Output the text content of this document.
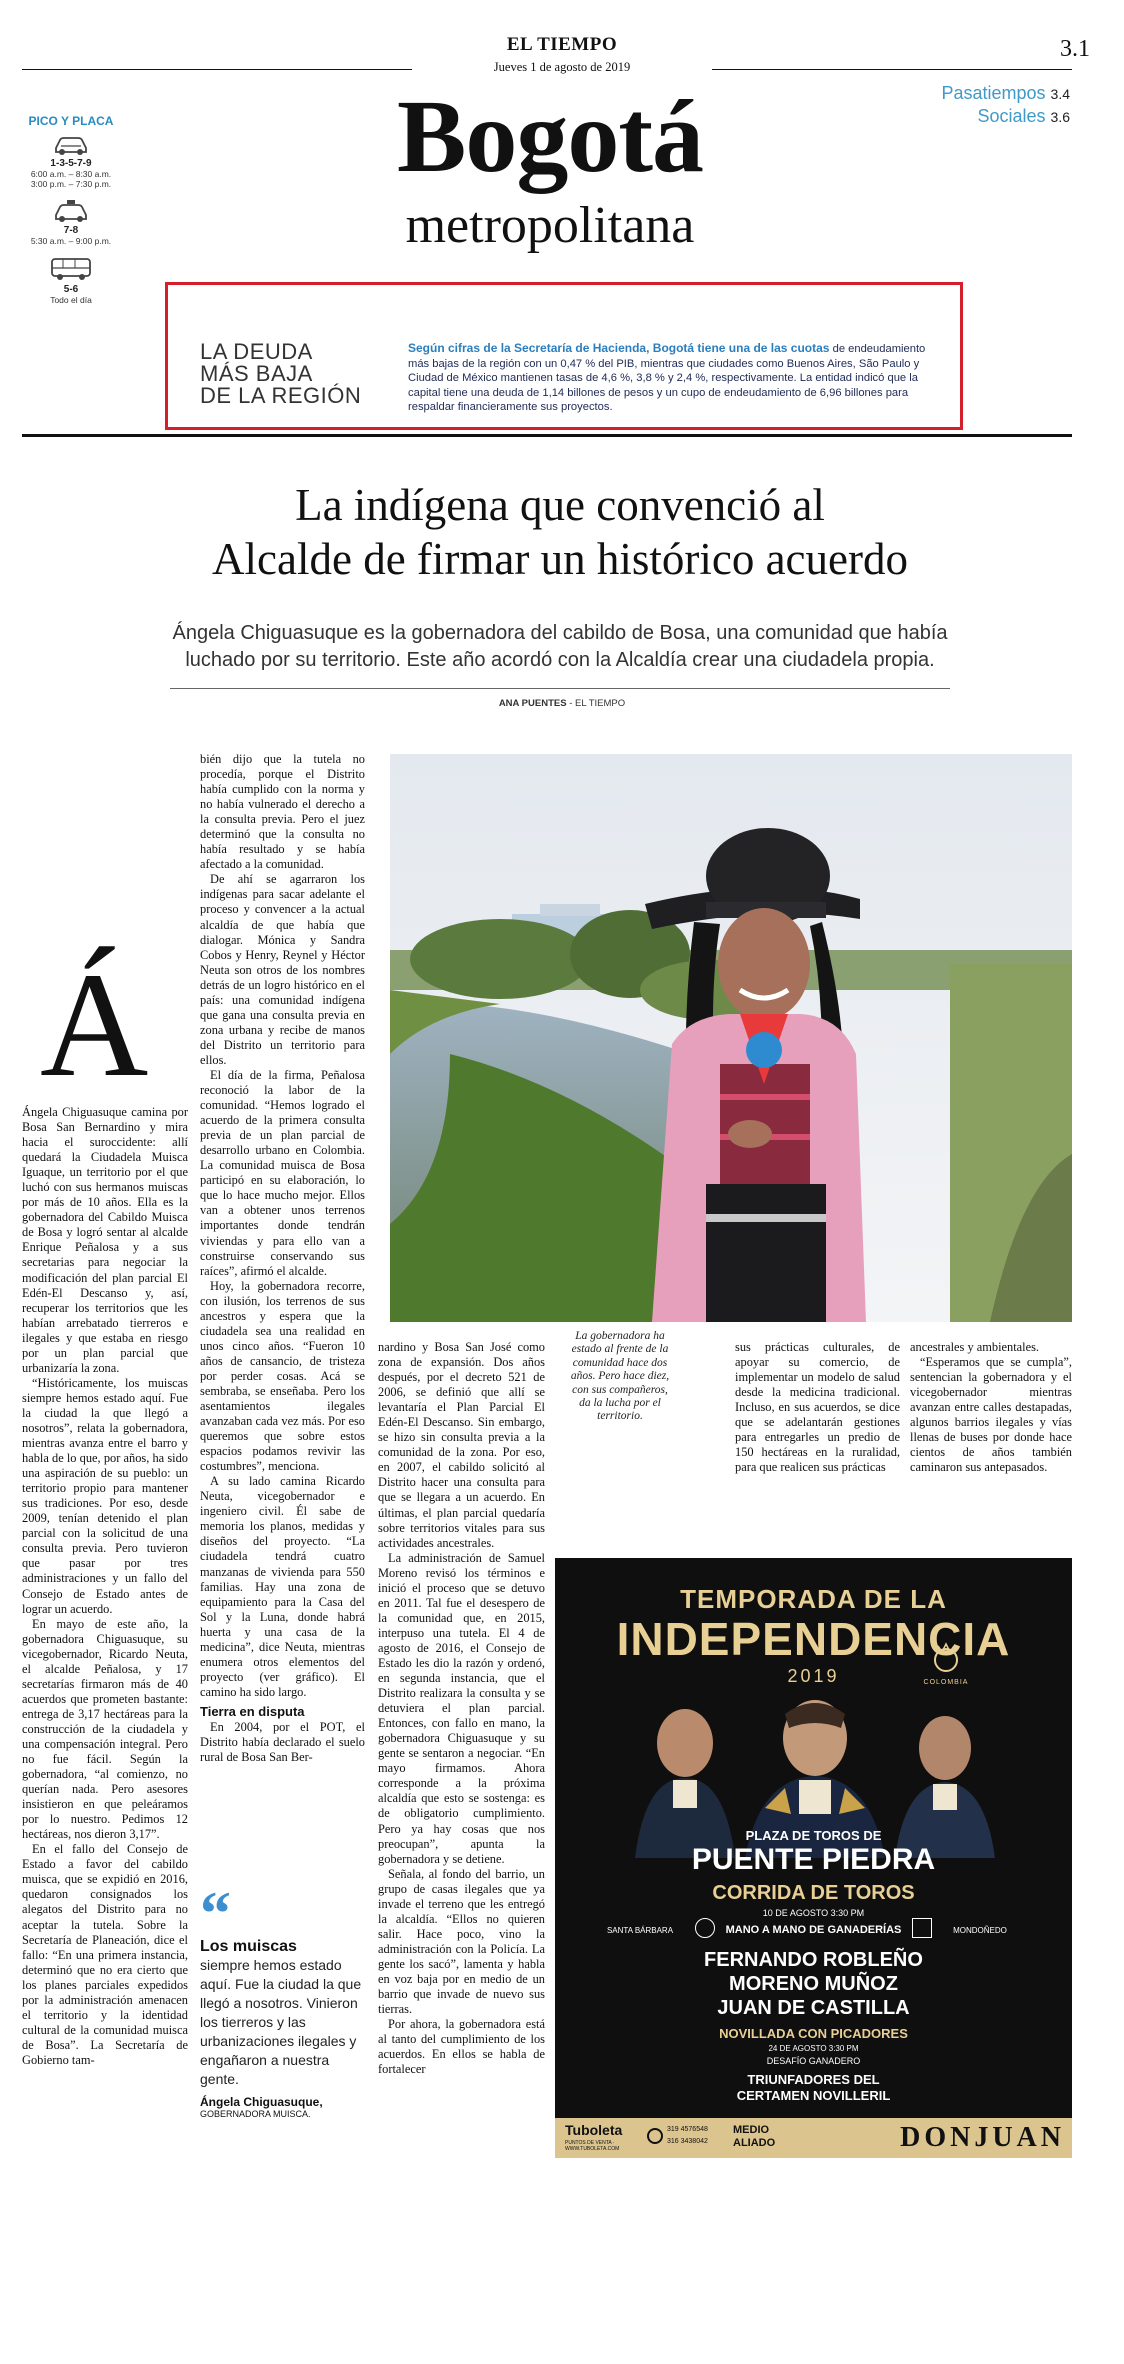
EL TIEMPO
Jueves 1 de agosto de 2019
3.1
PICO Y PLACA
1-3-5-7-9
6:00 a.m. – 8:30 a.m.
3:00 p.m. – 7:30 p.m.
7-8
5:30 a.m. – 9:00 p.m.
5-6
Todo el día
Bogotá
metropolitana
Pasatiempos 3.4
Sociales 3.6
LA DEUDA
MÁS BAJA
DE LA REGIÓN
Según cifras de la Secretaría de Hacienda, Bogotá tiene una de las cuotas de endeudamiento más bajas de la región con un 0,47 % del PIB, mientras que ciudades como Buenos Aires, São Paulo y Ciudad de México mantienen tasas de 4,6 %, 3,8 % y 2,4 %, respectivamente. La entidad indicó que la capital tiene una deuda de 1,14 billones de pesos y un cupo de endeudamiento de 6,96 billones para respaldar financieramente sus proyectos.
La indígena que convenció al
Alcalde de firmar un histórico acuerdo
Ángela Chiguasuque es la gobernadora del cabildo de Bosa, una comunidad que había
luchado por su territorio. Este año acordó con la Alcaldía crear una ciudadela propia.
ANA PUENTES - EL TIEMPO
Á

Ángela Chiguasuque camina por Bosa San Bernardino y mira hacia el suroccidente: allí quedará la Ciudadela Muisca Iguaque, un territorio por el que luchó con sus hermanos muiscas por más de 10 años. Ella es la gobernadora del Cabildo Muisca de Bosa y logró sentar al alcalde Enrique Peñalosa y a sus secretarias para negociar la modificación del plan parcial El Edén-El Descanso y, así, recuperar los territorios que les habían arrebatado tierreros e ilegales y que estaba en riesgo por un plan parcial que urbanizaría la zona.

“Históricamente, los muiscas siempre hemos estado aquí. Fue la ciudad la que llegó a nosotros”, relata la gobernadora, mientras avanza entre el barro y habla de lo que, por años, ha sido una aspiración de su pueblo: un territorio propio para mantener sus tradiciones. Por eso, desde 2009, tenían detenido el plan parcial con la solicitud de una consulta previa. Pero tuvieron que pasar por tres administraciones y un fallo del Consejo de Estado antes de lograr un acuerdo.

En mayo de este año, la gobernadora Chiguasuque, su vicegobernador, Ricardo Neuta, el alcalde Peñalosa, y 17 secretarías firmaron más de 40 acuerdos que prometen bastante: entrega de 3,17 hectáreas para la construcción de la ciudadela y una compensación integral. Pero no fue fácil. Según la gobernadora, “al comienzo, no querían nada. Pero asesores insistieron en que peleáramos por lo nuestro. Pedimos 12 hectáreas, nos dieron 3,17”.

En el fallo del Consejo de Estado a favor del cabildo muisca, que se expidió en 2016, quedaron consignados los alegatos del Distrito para no aceptar la tutela. Sobre la Secretaría de Planeación, dice el fallo: “En una primera instancia, determinó que no era cierto que los planes parciales expedidos por la administración amenacen el territorio y la identidad cultural de la comunidad muisca de Bosa”. La Secretaría de Gobierno tam-

bién dijo que la tutela no procedía, porque el Distrito había cumplido con la norma y no había vulnerado el derecho a la consulta previa. Pero el juez determinó que la consulta no había resultado y se había afectado a la comunidad.

De ahí se agarraron los indígenas para sacar adelante el proceso y convencer a la actual alcaldía de que había que dialogar. Mónica y Sandra Cobos y Henry, Reynel y Héctor Neuta son otros de los nombres detrás de un logro histórico en el país: una comunidad indígena que gana una consulta previa en zona urbana y recibe de manos del Distrito un territorio para ellos.

El día de la firma, Peñalosa reconoció la labor de la comunidad. “Hemos logrado el acuerdo de la primera consulta previa de un plan parcial de desarrollo urbano en Colombia. La comunidad muisca de Bosa participó en su elaboración, lo que lo hace mucho mejor. Ellos van a obtener unos terrenos importantes donde tendrán viviendas y para ello van a construirse conservando sus raíces”, afirmó el alcalde.

Hoy, la gobernadora recorre, con ilusión, los terrenos de sus ancestros y espera que la ciudadela sea una realidad en unos cinco años. “Fueron 10 años de cansancio, de tristeza por perder cosas. Acá se sembraba, se enseñaba. Pero los asentamientos ilegales avanzaban cada vez más. Por eso queremos que sobre estos espacios podamos revivir las costumbres”, menciona.

A su lado camina Ricardo Neuta, vicegobernador e ingeniero civil. Él sabe de memoria los planos, medidas y diseños del proyecto. “La ciudadela tendrá cuatro manzanas de vivienda para 550 familias. Hay una zona de equipamiento para la Casa del Sol y la Luna, donde habrá huerta y una casa de la medicina”, dice Neuta, mientras enumera otros elementos del proyecto (ver gráfico). El camino ha sido largo.

Tierra en disputa

En 2004, por el POT, el Distrito había declarado el suelo rural de Bosa San Ber-

“
Los muiscas
siempre hemos estado aquí. Fue la ciudad la que llegó a nosotros. Vinieron los tierreros y las urbanizaciones ilegales y engañaron a nuestra gente.
Ángela Chiguasuque,
GOBERNADORA MUISCA.
La gobernadora ha estado al frente de la comunidad hace dos años. Pero hace diez, con sus compañeros, da la lucha por el territorio.

nardino y Bosa San José como zona de expansión. Dos años después, por el decreto 521 de 2006, se definió que allí se levantaría el Plan Parcial El Edén-El Descanso. Sin embargo, se hizo sin consulta previa a la comunidad de la zona. Por eso, en 2007, el cabildo solicitó al Distrito hacer una consulta para que se llegara a un acuerdo. En últimas, el plan parcial quedaría sobre territorios vitales para sus actividades ancestrales.

La administración de Samuel Moreno revisó los términos e inició el proceso que se detuvo en 2011. Tal fue el desespero de la comunidad que, en 2015, interpuso una tutela. El 4 de agosto de 2016, el Consejo de Estado les dio la razón y ordenó, en segunda instancia, que el Distrito realizara la consulta y se detuviera el plan parcial. Entonces, con fallo en mano, la gobernadora Chiguasuque y su gente se sentaron a negociar. “En mayo firmamos. Ahora corresponde a la próxima alcaldía que esto se sostenga: es de obligatorio cumplimiento. Pero ya hay cosas que nos preocupan”, apunta la gobernadora y se detiene.

Señala, al fondo del barrio, un grupo de casas ilegales que ya invade el terreno que les entregó la alcaldía. “Ellos no quieren salir. Hace poco, vino la administración con la Policía. La gente los sacó”, lamenta y habla en voz baja por en medio de un barrio que invade de nuevo sus tierras.

Por ahora, la gobernadora está al tanto del cumplimiento de los acuerdos. En ellos se habla de fortalecer

sus prácticas culturales, de apoyar su comercio, de implementar un modelo de salud desde la medicina tradicional. Incluso, en sus acuerdos, se dice que se adelantarán gestiones para entregarles un predio de 150 hectáreas en la ruralidad, para que realicen sus prácticas

ancestrales y ambientales.

“Esperamos que se cumpla”, sentencian la gobernadora y el vicegobernador mientras avanzan entre calles destapadas, algunos barrios ilegales y vías llenas de buses por donde hace cientos de años también caminaron sus antepasados.

TEMPORADA DE LA
INDEPENDENCIA
2019	COLOMBIA
PLAZA DE TOROS DE
PUENTE PIEDRA
CORRIDA DE TOROS
10 DE AGOSTO 3:30 PM
SANTA BÁRBARA	MANO A MANO DE GANADERÍAS	MONDOÑEDO
FERNANDO ROBLEÑO
MORENO MUÑOZ
JUAN DE CASTILLA
NOVILLADA CON PICADORES
24 DE AGOSTO 3:30 PM
DESAFÍO GANADERO
TRIUNFADORES DEL
CERTAMEN NOVILLERIL
Tuboleta
PUNTOS DE VENTA · WWW.TUBOLETA.COM
319 4576548
316 3438042
MEDIO
ALIADO	DONJUAN
